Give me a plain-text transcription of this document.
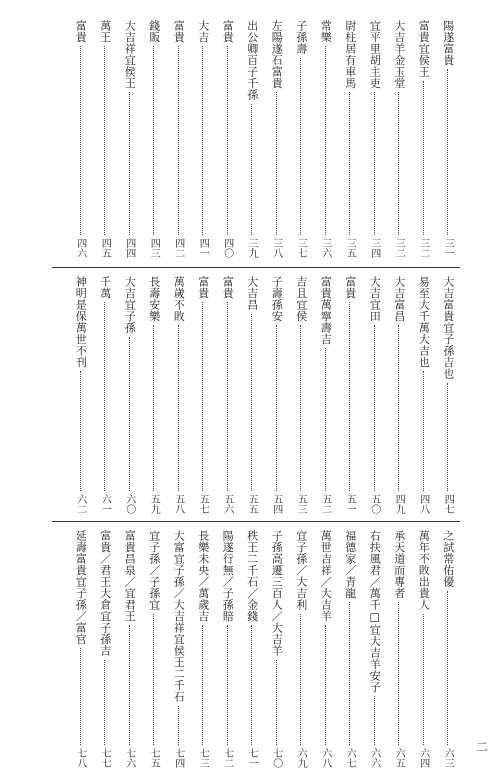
陽遂富貴
三一
富貴宜侯王
三二
大吉羊金玉堂
三二
宜平里胡主吏
三四
尉柱居有車馬
三五
常樂
三六
子孫壽
三七
左陽遂石富貴
三八
出公卿百子千孫
三九
富貴
四〇
大吉
四一
富貴
四二
錢販
四三
大吉祥宜侯王
四四
萬王
四五
富貴
四六
大吉富貴宜子孫吉也
四七
易至大千萬大吉也
四八
大吉富昌
四九
大吉宜田
五〇
富貴
五一
富貴萬寧壽吉
五二
吉且宜侯
五三
子壽孫安
五四
大吉昌
五五
富貴
五六
富貴
五七
萬歲不敗
五八
長壽安樂
五九
大吉宜子孫
六〇
千萬
六一
神明是保萬世不刊
六二
之試常佑優
六三
萬年不敗出貴人
六四
承天道而專者
六五
右扶風君／萬千□宜大吉羊安子
六六
福德家／青龍
六七
萬世吉祥／大吉羊
六八
宜子孫／大吉利
六九
子孫高遷三百人／大吉羊
七〇
秩王二千石／金錢
七一
陽遂行無／子孫賠
七二
長樂未央／萬歲吉
七三
大富宜子孫／大吉祥宜侯王二千石
七四
宜子孫／子孫宜
七五
富貴昌泉／宜君王
七六
富貴／君王大倉宜子孫吉
七七
延壽富貴宜子孫／富官
七八
二
